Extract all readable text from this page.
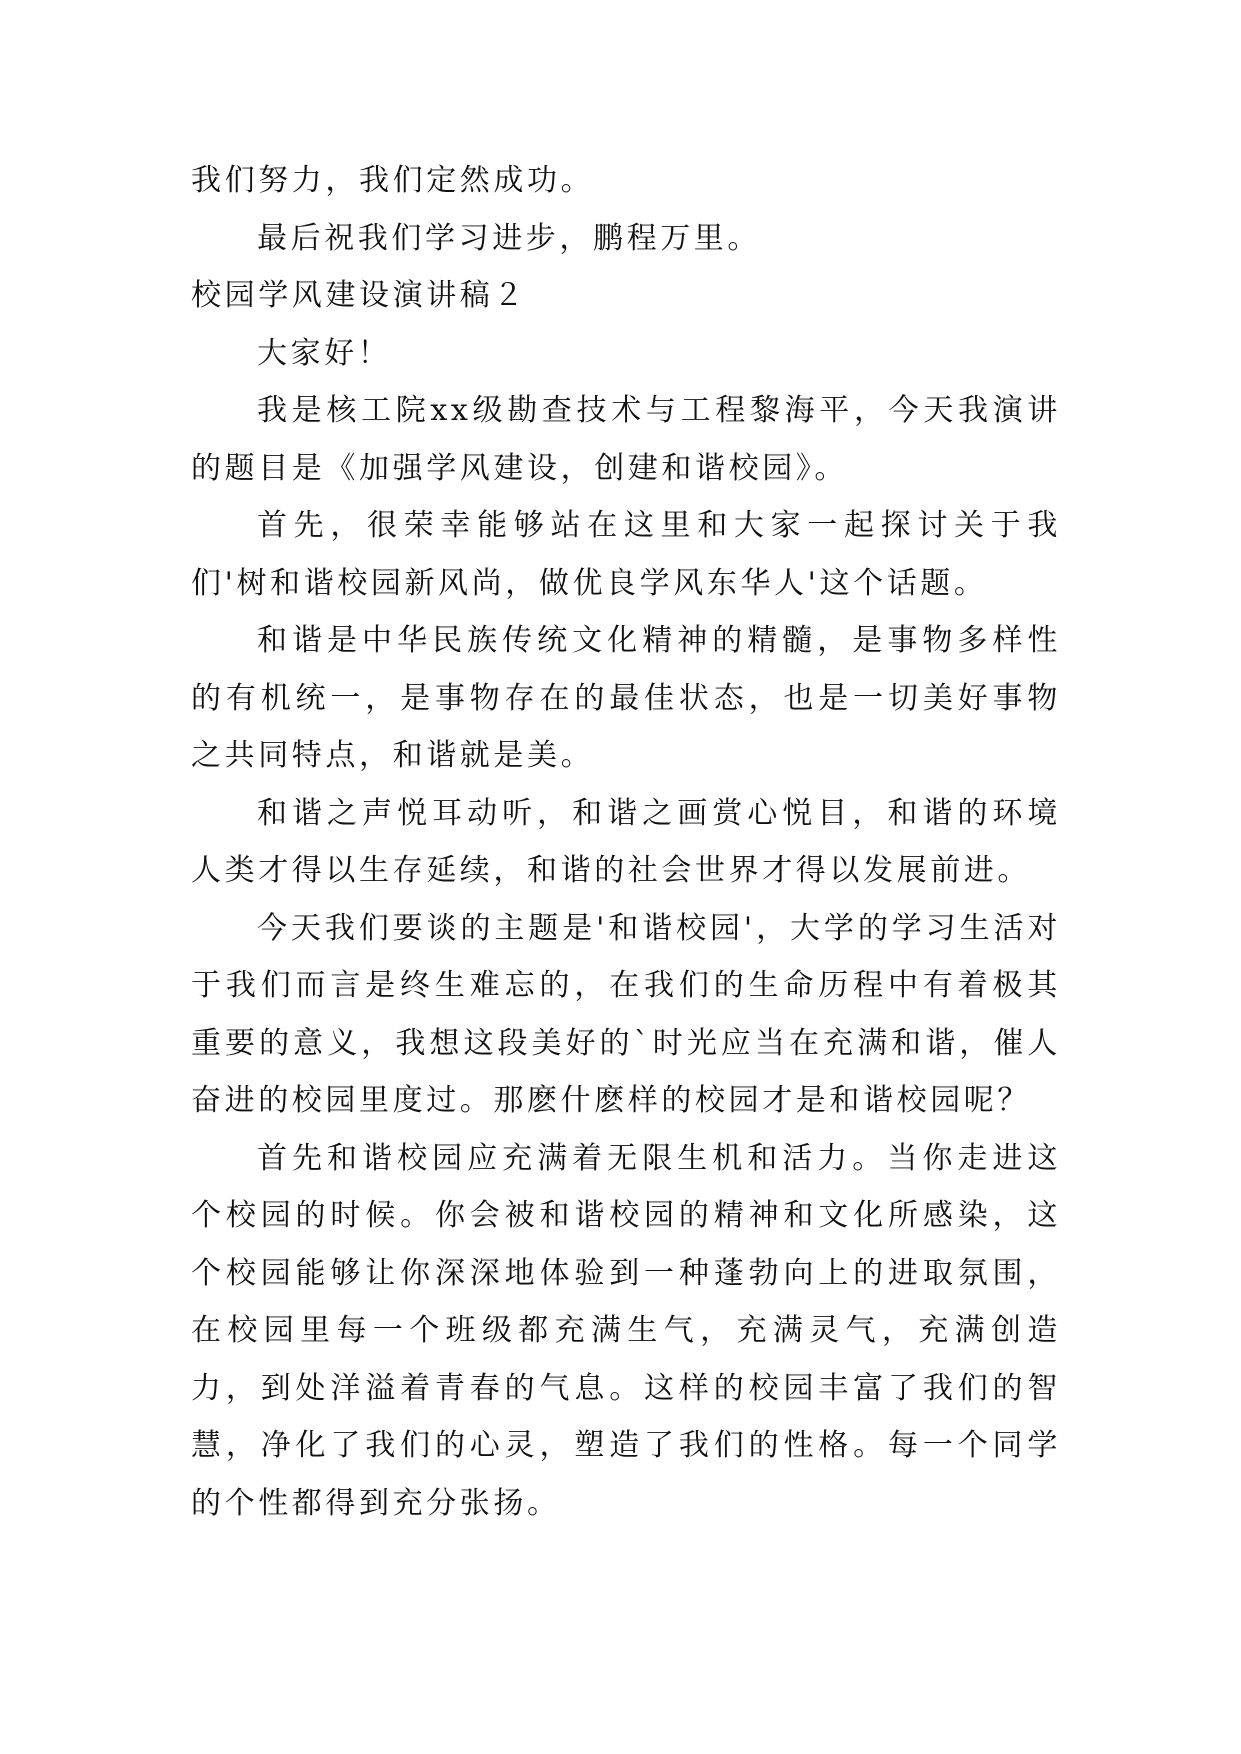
我们努力，我们定然成功。

最后祝我们学习进步，鹏程万里。

校园学风建设演讲稿２

大家好！

我是核工院xx级勘查技术与工程黎海平，今天我演讲的题目是《加强学风建设，创建和谐校园》。

首先，很荣幸能够站在这里和大家一起探讨关于我们'树和谐校园新风尚，做优良学风东华人'这个话题。

和谐是中华民族传统文化精神的精髓，是事物多样性的有机统一，是事物存在的最佳状态，也是一切美好事物之共同特点，和谐就是美。

和谐之声悦耳动听，和谐之画赏心悦目，和谐的环境人类才得以生存延续，和谐的社会世界才得以发展前进。

今天我们要谈的主题是'和谐校园'，大学的学习生活对于我们而言是终生难忘的，在我们的生命历程中有着极其重要的意义，我想这段美好的`时光应当在充满和谐，催人奋进的校园里度过。那麽什麽样的校园才是和谐校园呢？

首先和谐校园应充满着无限生机和活力。当你走进这个校园的时候。你会被和谐校园的精神和文化所感染，这个校园能够让你深深地体验到一种蓬勃向上的进取氛围，在校园里每一个班级都充满生气，充满灵气，充满创造力，到处洋溢着青春的气息。这样的校园丰富了我们的智慧，净化了我们的心灵，塑造了我们的性格。每一个同学的个性都得到充分张扬。
